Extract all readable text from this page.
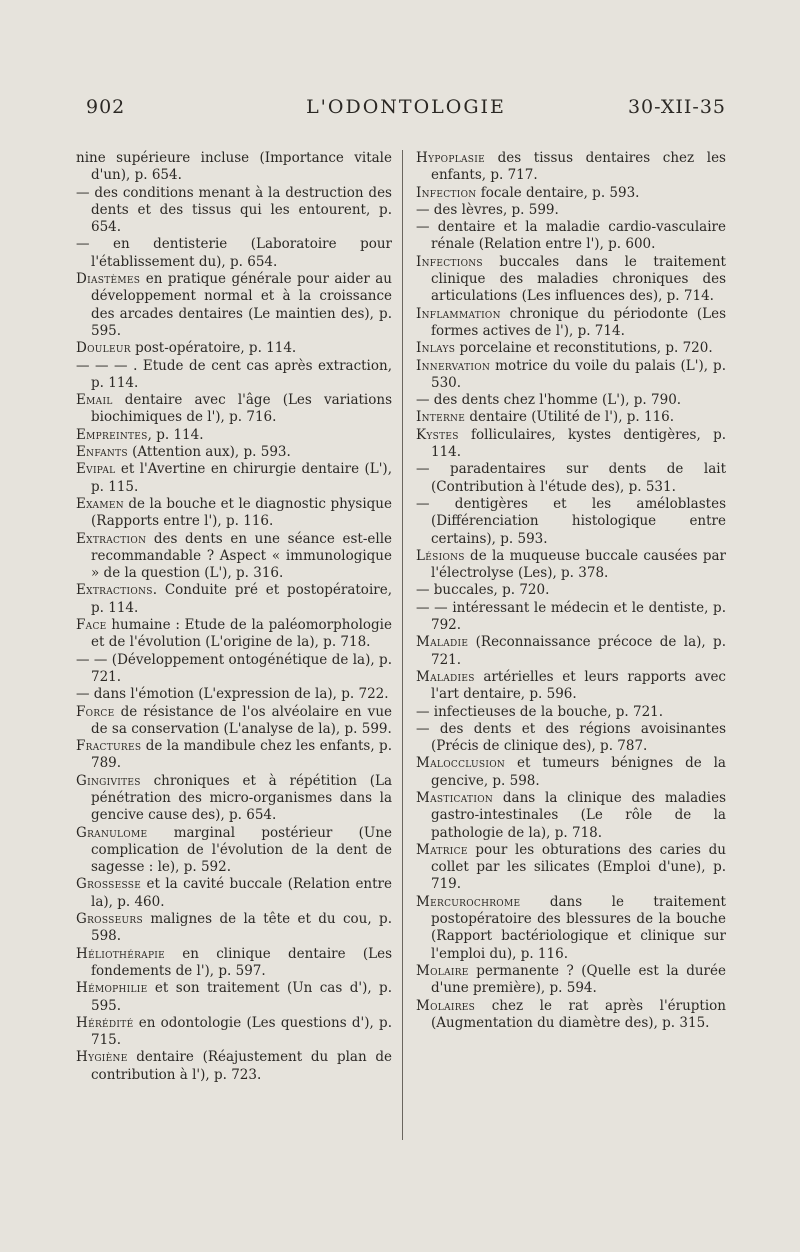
902	L'ODONTOLOGIE	30-XII-35

nine supérieure incluse (Importance vitale d'un), p. 654.

— des conditions menant à la destruction des dents et des tissus qui les entourent, p. 654.

— en dentisterie (Laboratoire pour l'établissement du), p. 654.

Diastèmes en pratique générale pour aider au développement normal et à la croissance des arcades dentaires (Le maintien des), p. 595.

Douleur post-opératoire, p. 114.

— — — . Etude de cent cas après extraction, p. 114.

Email dentaire avec l'âge (Les variations biochimiques de l'), p. 716.

Empreintes, p. 114.

Enfants (Attention aux), p. 593.

Evipal et l'Avertine en chirurgie dentaire (L'), p. 115.

Examen de la bouche et le diagnostic physique (Rapports entre l'), p. 116.

Extraction des dents en une séance est-elle recommandable ? Aspect « immunologique » de la question (L'), p. 316.

Extractions. Conduite pré et postopératoire, p. 114.

Face humaine : Etude de la paléomorphologie et de l'évolution (L'origine de la), p. 718.

— — (Développement ontogénétique de la), p. 721.

— dans l'émotion (L'expression de la), p. 722.

Force de résistance de l'os alvéolaire en vue de sa conservation (L'analyse de la), p. 599.

Fractures de la mandibule chez les enfants, p. 789.

Gingivites chroniques et à répétition (La pénétration des micro-organismes dans la gencive cause des), p. 654.

Granulome marginal postérieur (Une complication de l'évolution de la dent de sagesse : le), p. 592.

Grossesse et la cavité buccale (Relation entre la), p. 460.

Grosseurs malignes de la tête et du cou, p. 598.

Héliothérapie en clinique dentaire (Les fondements de l'), p. 597.

Hémophilie et son traitement (Un cas d'), p. 595.

Hérédité en odontologie (Les questions d'), p. 715.

Hygiène dentaire (Réajustement du plan de contribution à l'), p. 723.

Hypoplasie des tissus dentaires chez les enfants, p. 717.

Infection focale dentaire, p. 593.

— des lèvres, p. 599.

— dentaire et la maladie cardio-vasculaire rénale (Relation entre l'), p. 600.

Infections buccales dans le traitement clinique des maladies chroniques des articulations (Les influences des), p. 714.

Inflammation chronique du périodonte (Les formes actives de l'), p. 714.

Inlays porcelaine et reconstitutions, p. 720.

Innervation motrice du voile du palais (L'), p. 530.

— des dents chez l'homme (L'), p. 790.

Interne dentaire (Utilité de l'), p. 116.

Kystes folliculaires, kystes dentigères, p. 114.

— paradentaires sur dents de lait (Contribution à l'étude des), p. 531.

— dentigères et les améloblastes (Différenciation histologique entre certains), p. 593.

Lésions de la muqueuse buccale causées par l'électrolyse (Les), p. 378.

— buccales, p. 720.

— — intéressant le médecin et le dentiste, p. 792.

Maladie (Reconnaissance précoce de la), p. 721.

Maladies artérielles et leurs rapports avec l'art dentaire, p. 596.

— infectieuses de la bouche, p. 721.

— des dents et des régions avoisinantes (Précis de clinique des), p. 787.

Malocclusion et tumeurs bénignes de la gencive, p. 598.

Mastication dans la clinique des maladies gastro-intestinales (Le rôle de la pathologie de la), p. 718.

Matrice pour les obturations des caries du collet par les silicates (Emploi d'une), p. 719.

Mercurochrome dans le traitement postopératoire des blessures de la bouche (Rapport bactériologique et clinique sur l'emploi du), p. 116.

Molaire permanente ? (Quelle est la durée d'une première), p. 594.

Molaires chez le rat après l'éruption (Augmentation du diamètre des), p. 315.
